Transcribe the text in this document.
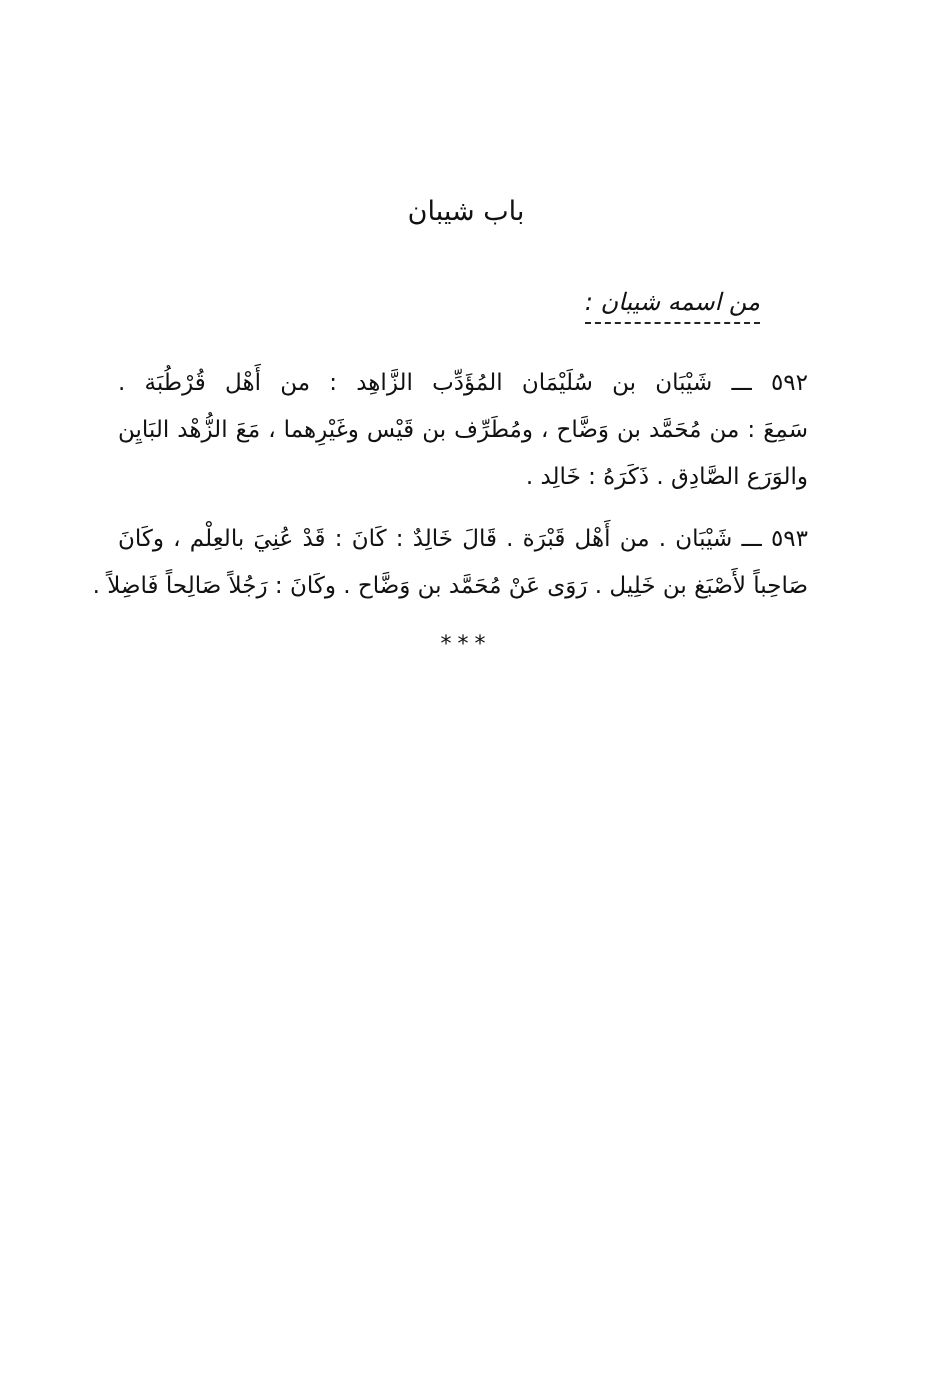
باب شيبان
من اسمه شيبان :
٥٩٢ ـــ شَيْبَان بن سُلَيْمَان المُؤَدِّب الزَّاهِد : من أَهْل قُرْطُبَة .
سَمِعَ : من مُحَمَّد بن وَضَّاح ، ومُطَرِّف بن قَيْس وغَيْرِهما ، مَعَ الزُّهْد البَايِن
والوَرَع الصَّادِق . ذَكَرَهُ : خَالِد .
٥٩٣ ـــ شَيْبَان . من أَهْل قَبْرَة . قَالَ خَالِدٌ : كَانَ : قَدْ عُنِيَ بالعِلْم ، وكَانَ
صَاحِباً لأَصْبَغ بن خَلِيل . رَوَى عَنْ مُحَمَّد بن وَضَّاح . وكَانَ : رَجُلاً صَالِحاً فَاضِلاً .
***
